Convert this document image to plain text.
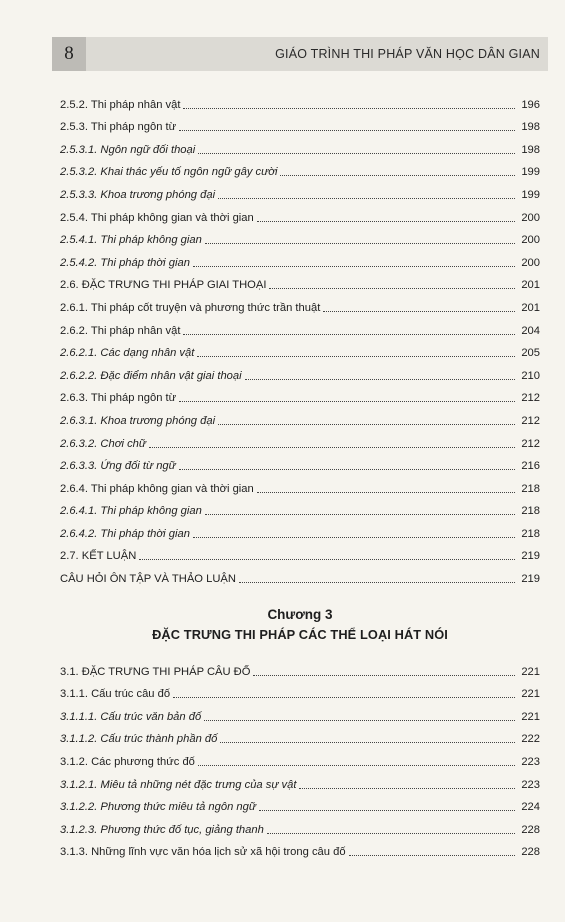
8	GIÁO TRÌNH THI PHÁP VĂN HỌC DÂN GIAN
2.5.2. Thi pháp nhân vật	196
2.5.3. Thi pháp ngôn từ	198
2.5.3.1. Ngôn ngữ đối thoại	198
2.5.3.2. Khai thác yếu tố ngôn ngữ gây cười	199
2.5.3.3. Khoa trương phóng đại	199
2.5.4. Thi pháp không gian và thời gian	200
2.5.4.1. Thi pháp không gian	200
2.5.4.2. Thi pháp thời gian	200
2.6. ĐẶC TRƯNG THI PHÁP GIAI THOẠI	201
2.6.1. Thi pháp cốt truyện và phương thức trần thuật	201
2.6.2. Thi pháp nhân vật	204
2.6.2.1. Các dạng nhân vật	205
2.6.2.2. Đặc điểm nhân vật giai thoại	210
2.6.3. Thi pháp ngôn từ	212
2.6.3.1. Khoa trương phóng đại	212
2.6.3.2. Chơi chữ	212
2.6.3.3. Ứng đối từ ngữ	216
2.6.4. Thi pháp không gian và thời gian	218
2.6.4.1. Thi pháp không gian	218
2.6.4.2. Thi pháp thời gian	218
2.7. KẾT LUẬN	219
CÂU HỎI ÔN TẬP VÀ THẢO LUẬN	219
Chương 3
ĐẶC TRƯNG THI PHÁP CÁC THỂ LOẠI HÁT NÓI
3.1. ĐẶC TRƯNG THI PHÁP CÂU ĐỐ	221
3.1.1. Cấu trúc câu đố	221
3.1.1.1. Cấu trúc văn bản đố	221
3.1.1.2. Cấu trúc thành phần đố	222
3.1.2. Các phương thức đố	223
3.1.2.1. Miêu tả những nét đặc trưng của sự vật	223
3.1.2.2. Phương thức miêu tả ngôn ngữ	224
3.1.2.3. Phương thức đố tục, giảng thanh	228
3.1.3. Những lĩnh vực văn hóa lịch sử xã hội trong câu đố	228
